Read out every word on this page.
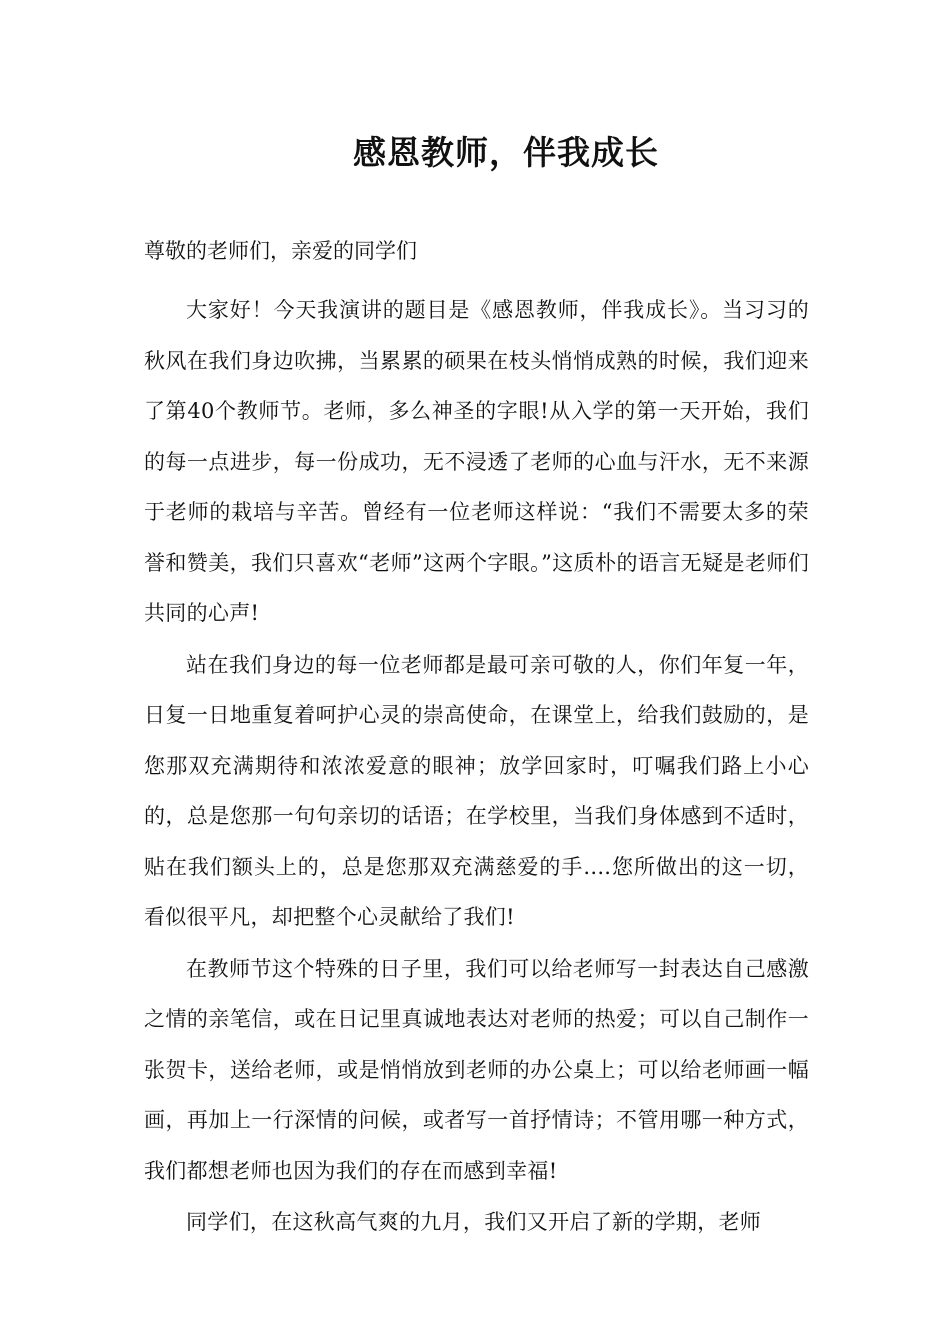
感恩教师，伴我成长

尊敬的老师们，亲爱的同学们

大家好！今天我演讲的题目是《感恩教师，伴我成长》。当习习的秋风在我们身边吹拂，当累累的硕果在枝头悄悄成熟的时候，我们迎来了第40个教师节。老师，多么神圣的字眼!从入学的第一天开始，我们的每一点进步，每一份成功，无不浸透了老师的心血与汗水，无不来源于老师的栽培与辛苦。曾经有一位老师这样说：“我们不需要太多的荣誉和赞美，我们只喜欢“老师”这两个字眼。”这质朴的语言无疑是老师们共同的心声!

站在我们身边的每一位老师都是最可亲可敬的人，你们年复一年，日复一日地重复着呵护心灵的崇高使命，在课堂上，给我们鼓励的，是您那双充满期待和浓浓爱意的眼神；放学回家时，叮嘱我们路上小心的，总是您那一句句亲切的话语；在学校里，当我们身体感到不适时，贴在我们额头上的，总是您那双充满慈爱的手....您所做出的这一切，看似很平凡，却把整个心灵献给了我们!

在教师节这个特殊的日子里，我们可以给老师写一封表达自己感激之情的亲笔信，或在日记里真诚地表达对老师的热爱；可以自己制作一张贺卡，送给老师，或是悄悄放到老师的办公桌上；可以给老师画一幅画，再加上一行深情的问候，或者写一首抒情诗；不管用哪一种方式，我们都想老师也因为我们的存在而感到幸福!

同学们，在这秋高气爽的九月，我们又开启了新的学期，老师
